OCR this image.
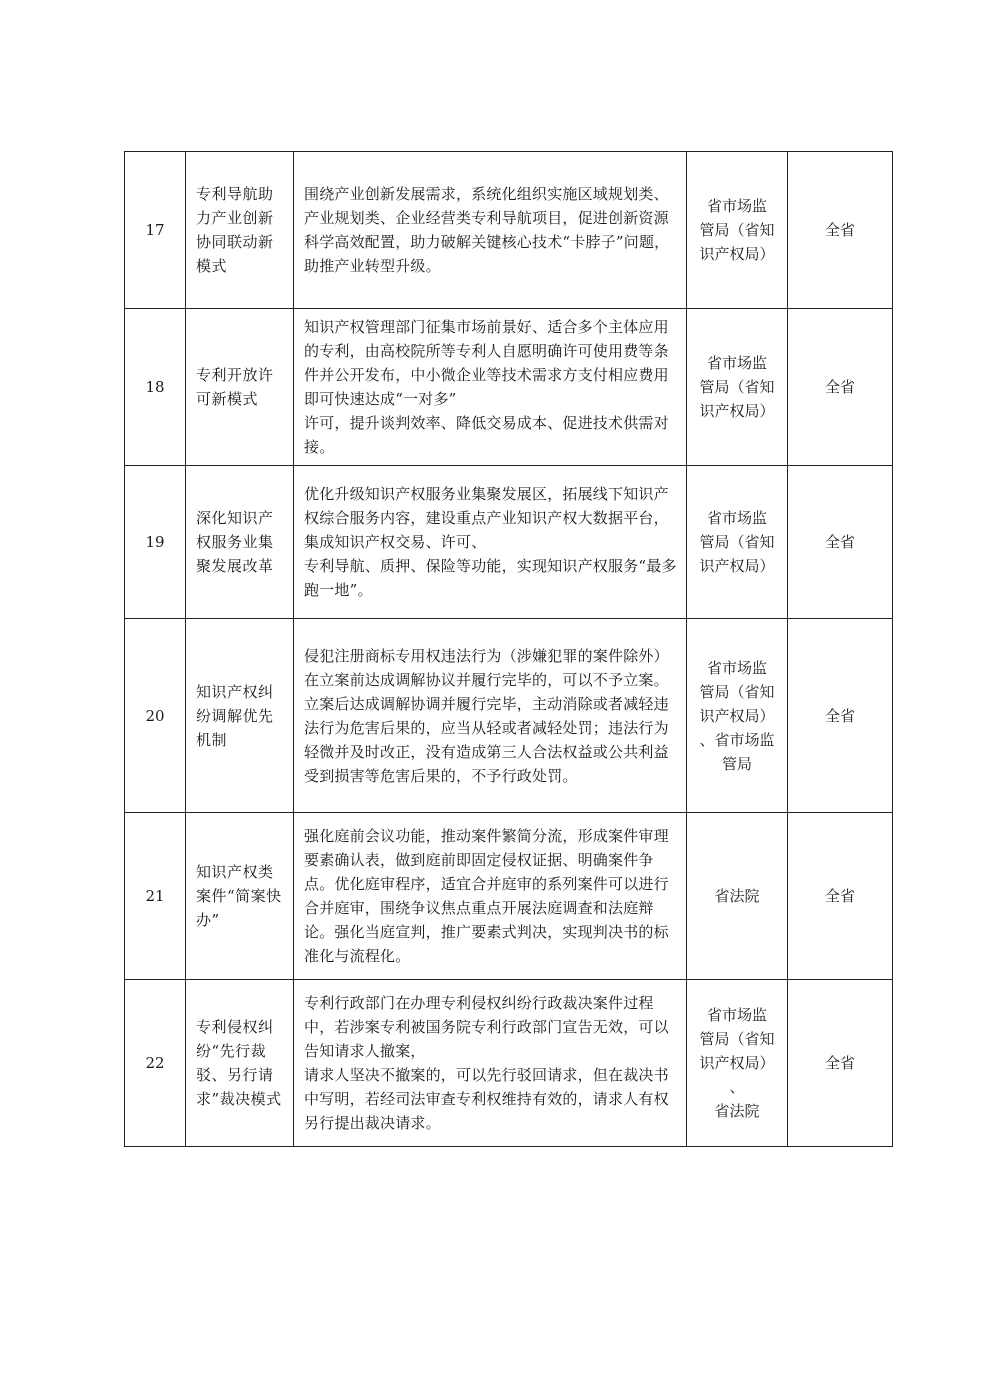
17	专利导航助力产业创新协同联动新模式	围绕产业创新发展需求，系统化组织实施区域规划类、产业规划类、企业经营类专利导航项目，促进创新资源科学高效配置，助力破解关键核心技术“卡脖子”问题，助推产业转型升级。	省市场监
管局（省知
识产权局）	全省
18	专利开放许可新模式	知识产权管理部门征集市场前景好、适合多个主体应用的专利，由高校院所等专利人自愿明确许可使用费等条件并公开发布，中小微企业等技术需求方支付相应费用即可快速达成“一对多”
许可，提升谈判效率、降低交易成本、促进技术供需对接。	省市场监
管局（省知
识产权局）	全省
19	深化知识产权服务业集聚发展改革	优化升级知识产权服务业集聚发展区，拓展线下知识产权综合服务内容，建设重点产业知识产权大数据平台，集成知识产权交易、许可、
专利导航、质押、保险等功能，实现知识产权服务“最多跑一地”。	省市场监
管局（省知
识产权局）	全省
20	知识产权纠纷调解优先机制	侵犯注册商标专用权违法行为（涉嫌犯罪的案件除外）在立案前达成调解协议并履行完毕的，可以不予立案。立案后达成调解协调并履行完毕，主动消除或者减轻违法行为危害后果的，应当从轻或者减轻处罚；违法行为轻微并及时改正，没有造成第三人合法权益或公共利益受到损害等危害后果的，不予行政处罚。	省市场监
管局（省知
识产权局）
、省市场监
管局	全省
21	知识产权类案件“简案快办”	强化庭前会议功能，推动案件繁简分流，形成案件审理要素确认表，做到庭前即固定侵权证据、明确案件争点。优化庭审程序，适宜合并庭审的系列案件可以进行合并庭审，围绕争议焦点重点开展法庭调查和法庭辩论。强化当庭宣判，推广要素式判决，实现判决书的标准化与流程化。	省法院	全省
22	专利侵权纠纷“先行裁驳、另行请求”裁决模式	专利行政部门在办理专利侵权纠纷行政裁决案件过程中，若涉案专利被国务院专利行政部门宣告无效，可以告知请求人撤案，
请求人坚决不撤案的，可以先行驳回请求，但在裁决书中写明，若经司法审查专利权维持有效的，请求人有权另行提出裁决请求。	省市场监
管局（省知
识产权局）
、
省法院	全省
